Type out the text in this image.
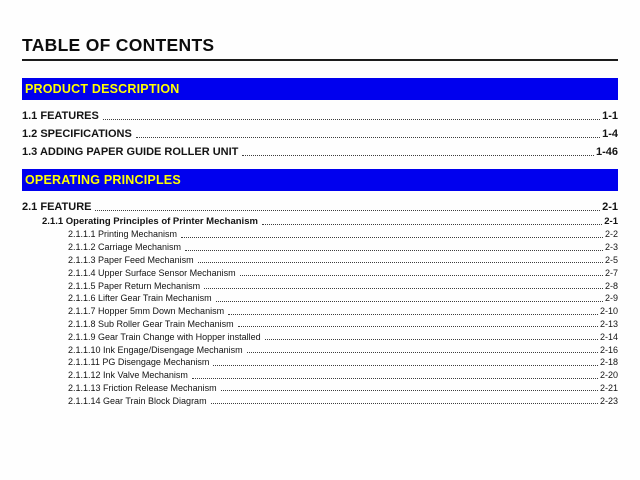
TABLE OF CONTENTS
PRODUCT DESCRIPTION
1.1 FEATURES	1-1
1.2 SPECIFICATIONS	1-4
1.3 ADDING PAPER GUIDE ROLLER UNIT	1-46
OPERATING PRINCIPLES
2.1 FEATURE	2-1
2.1.1 Operating Principles of Printer Mechanism	2-1
2.1.1.1 Printing Mechanism	2-2
2.1.1.2 Carriage Mechanism	2-3
2.1.1.3 Paper Feed Mechanism	2-5
2.1.1.4 Upper Surface Sensor Mechanism	2-7
2.1.1.5 Paper Return Mechanism	2-8
2.1.1.6 Lifter Gear Train Mechanism	2-9
2.1.1.7 Hopper 5mm Down Mechanism	2-10
2.1.1.8 Sub Roller Gear Train Mechanism	2-13
2.1.1.9 Gear Train Change with Hopper installed	2-14
2.1.1.10 Ink Engage/Disengage Mechanism	2-16
2.1.1.11 PG Disengage Mechanism	2-18
2.1.1.12 Ink Valve Mechanism	2-20
2.1.1.13 Friction Release Mechanism	2-21
2.1.1.14 Gear Train Block Diagram	2-23
